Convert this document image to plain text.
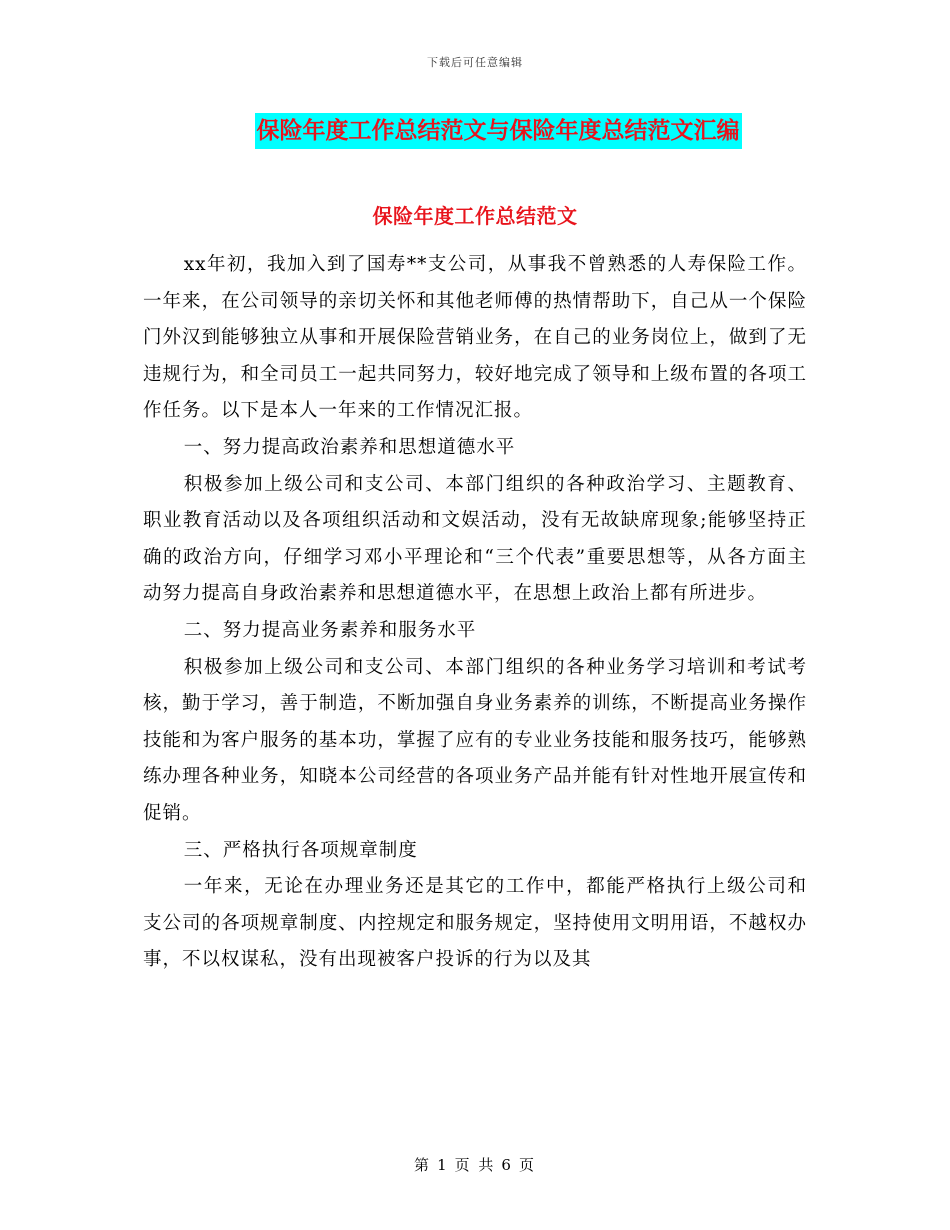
下载后可任意编辑
保险年度工作总结范文与保险年度总结范文汇编
保险年度工作总结范文

xx年初，我加入到了国寿**支公司，从事我不曾熟悉的人寿保险工作。一年来，在公司领导的亲切关怀和其他老师傅的热情帮助下，自己从一个保险门外汉到能够独立从事和开展保险营销业务，在自己的业务岗位上，做到了无违规行为，和全司员工一起共同努力，较好地完成了领导和上级布置的各项工作任务。以下是本人一年来的工作情况汇报。

一、努力提高政治素养和思想道德水平

积极参加上级公司和支公司、本部门组织的各种政治学习、主题教育、职业教育活动以及各项组织活动和文娱活动，没有无故缺席现象;能够坚持正确的政治方向，仔细学习邓小平理论和“三个代表”重要思想等，从各方面主动努力提高自身政治素养和思想道德水平，在思想上政治上都有所进步。

二、努力提高业务素养和服务水平

积极参加上级公司和支公司、本部门组织的各种业务学习培训和考试考核，勤于学习，善于制造，不断加强自身业务素养的训练，不断提高业务操作技能和为客户服务的基本功，掌握了应有的专业业务技能和服务技巧，能够熟练办理各种业务，知晓本公司经营的各项业务产品并能有针对性地开展宣传和促销。

三、严格执行各项规章制度

一年来，无论在办理业务还是其它的工作中，都能严格执行上级公司和支公司的各项规章制度、内控规定和服务规定，坚持使用文明用语，不越权办事，不以权谋私，没有出现被客户投诉的行为以及其

第 1 页 共 6 页
